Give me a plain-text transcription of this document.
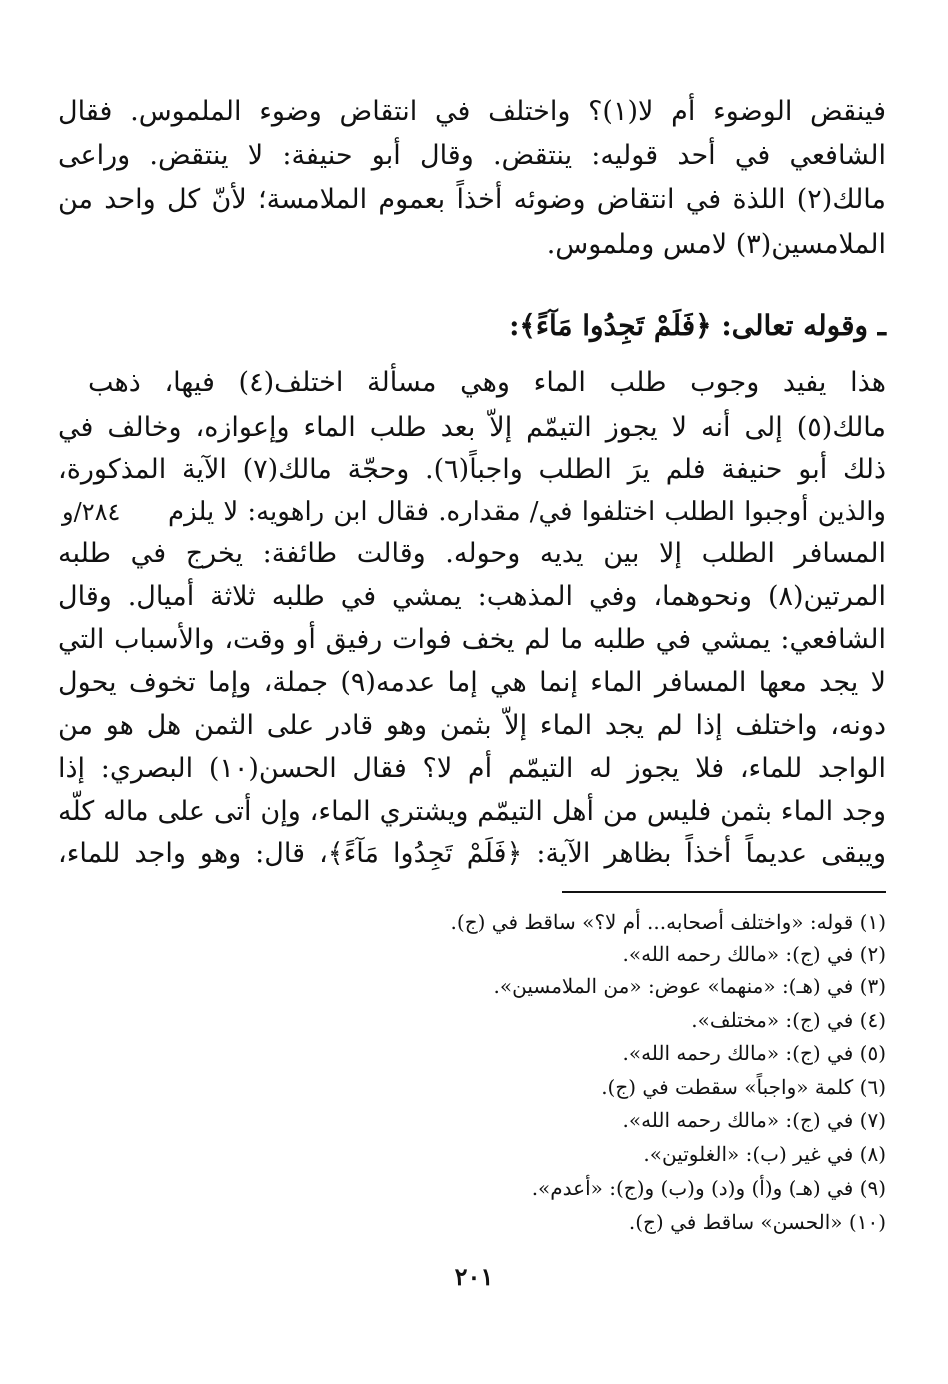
فينقض الوضوء أم لا(١)؟ واختلف في انتقاض وضوء الملموس. فقال
الشافعي في أحد قوليه: ينتقض. وقال أبو حنيفة: لا ينتقض. وراعى
مالك(٢) اللذة في انتقاض وضوئه أخذاً بعموم الملامسة؛ لأنّ كل واحد من
الملامسين(٣) لامس وملموس.
ـ وقوله تعالى: ﴿فَلَمْ تَجِدُوا مَآءً﴾:
هذا يفيد وجوب طلب الماء وهي مسألة اختلف(٤) فيها، ذهب
مالك(٥) إلى أنه لا يجوز التيمّم إلاّ بعد طلب الماء وإعوازه، وخالف في
ذلك أبو حنيفة فلم يرَ الطلب واجباً(٦). وحجّة مالك(٧) الآية المذكورة،
والذين أوجبوا الطلب اختلفوا في/ مقداره. فقال ابن راهويه: لا يلزم
المسافر الطلب إلا بين يديه وحوله. وقالت طائفة: يخرج في طلبه
المرتين(٨) ونحوهما، وفي المذهب: يمشي في طلبه ثلاثة أميال. وقال
الشافعي: يمشي في طلبه ما لم يخف فوات رفيق أو وقت، والأسباب التي
لا يجد معها المسافر الماء إنما هي إما عدمه(٩) جملة، وإما تخوف يحول
دونه، واختلف إذا لم يجد الماء إلاّ بثمن وهو قادر على الثمن هل هو من
الواجد للماء، فلا يجوز له التيمّم أم لا؟ فقال الحسن(١٠) البصري: إذا
وجد الماء بثمن فليس من أهل التيمّم ويشتري الماء، وإن أتى على ماله كلّه
ويبقى عديماً أخذاً بظاهر الآية: ﴿فَلَمْ تَجِدُوا مَآءً﴾، قال: وهو واجد للماء،
٢٨٤/و
(١) قوله: «واختلف أصحابه... أم لا؟» ساقط في (ج).
(٢) في (ج): «مالك رحمه الله».
(٣) في (هـ): «منهما» عوض: «من الملامسين».
(٤) في (ج): «مختلف».
(٥) في (ج): «مالك رحمه الله».
(٦) كلمة «واجباً» سقطت في (ج).
(٧) في (ج): «مالك رحمه الله».
(٨) في غير (ب): «الغلوتين».
(٩) في (هـ) و(أ) و(د) و(ب) و(ج): «أعدم».
(١٠) «الحسن» ساقط في (ج).
٢٠١
